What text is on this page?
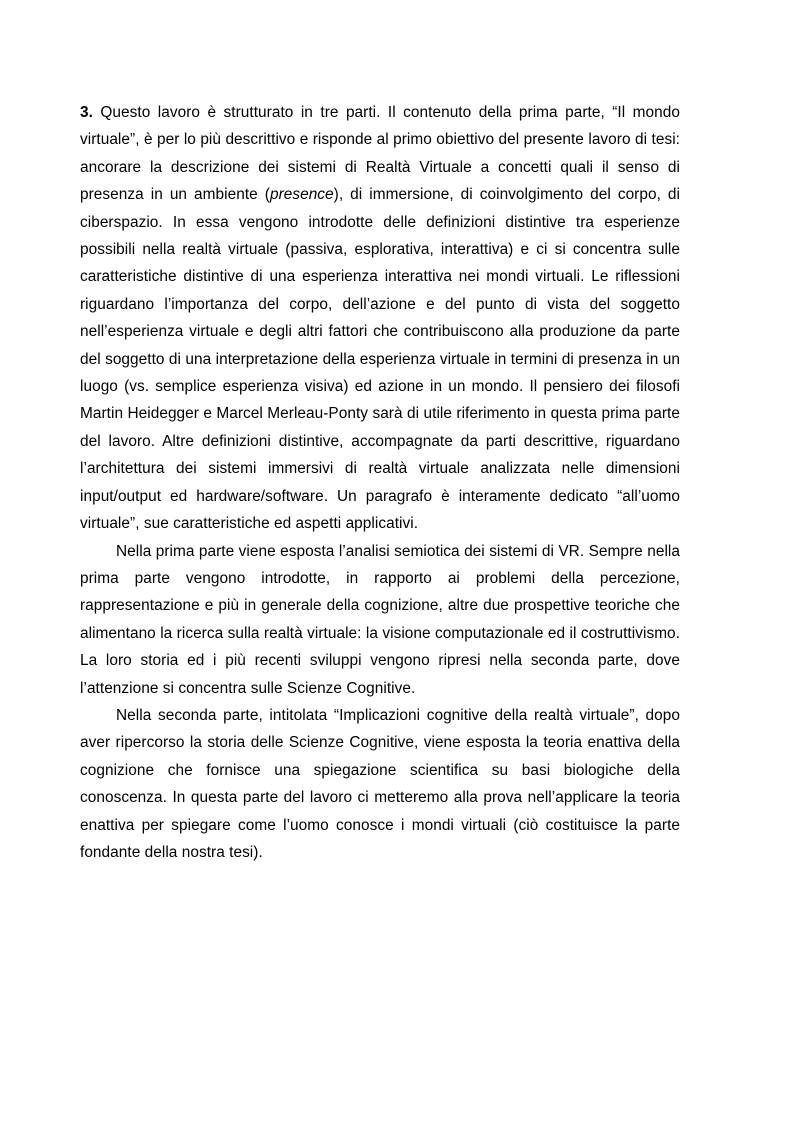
3. Questo lavoro è strutturato in tre parti. Il contenuto della prima parte, “Il mondo virtuale”, è per lo più descrittivo e risponde al primo obiettivo del presente lavoro di tesi: ancorare la descrizione dei sistemi di Realtà Virtuale a concetti quali il senso di presenza in un ambiente (presence), di immersione, di coinvolgimento del corpo, di ciberspazio. In essa vengono introdotte delle definizioni distintive tra esperienze possibili nella realtà virtuale (passiva, esplorativa, interattiva) e ci si concentra sulle caratteristiche distintive di una esperienza interattiva nei mondi virtuali. Le riflessioni riguardano l’importanza del corpo, dell’azione e del punto di vista del soggetto nell’esperienza virtuale e degli altri fattori che contribuiscono alla produzione da parte del soggetto di una interpretazione della esperienza virtuale in termini di presenza in un luogo (vs. semplice esperienza visiva) ed azione in un mondo. Il pensiero dei filosofi Martin Heidegger e Marcel Merleau-Ponty sarà di utile riferimento in questa prima parte del lavoro. Altre definizioni distintive, accompagnate da parti descrittive, riguardano l’architettura dei sistemi immersivi di realtà virtuale analizzata nelle dimensioni input/output ed hardware/software. Un paragrafo è interamente dedicato “all’uomo virtuale”, sue caratteristiche ed aspetti applicativi.

Nella prima parte viene esposta l’analisi semiotica dei sistemi di VR. Sempre nella prima parte vengono introdotte, in rapporto ai problemi della percezione, rappresentazione e più in generale della cognizione, altre due prospettive teoriche che alimentano la ricerca sulla realtà virtuale: la visione computazionale ed il costruttivismo. La loro storia ed i più recenti sviluppi vengono ripresi nella seconda parte, dove l’attenzione si concentra sulle Scienze Cognitive.

Nella seconda parte, intitolata “Implicazioni cognitive della realtà virtuale”, dopo aver ripercorso la storia delle Scienze Cognitive, viene esposta la teoria enattiva della cognizione che fornisce una spiegazione scientifica su basi biologiche della conoscenza. In questa parte del lavoro ci metteremo alla prova nell’applicare la teoria enattiva per spiegare come l’uomo conosce i mondi virtuali (ciò costituisce la parte fondante della nostra tesi).
